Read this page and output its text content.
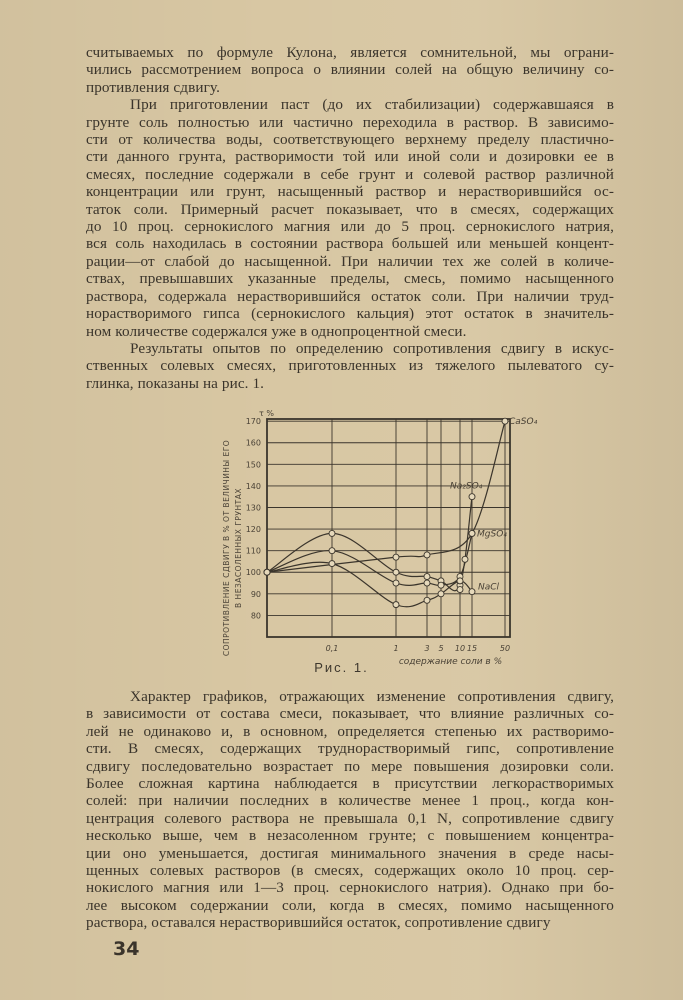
считываемых по формуле Кулона, является сомнительной, мы ограни-
чились рассмотрением вопроса о влиянии солей на общую величину со-
противления сдвигу.

При приготовлении паст (до их стабилизации) содержавшаяся в
грунте соль полностью или частично переходила в раствор. В зависимо-
сти от количества воды, соответствующего верхнему пределу пластично-
сти данного грунта, растворимости той или иной соли и дозировки ее в
смесях, последние содержали в себе грунт и солевой раствор различной
концентрации или грунт, насыщенный раствор и нерастворившийся ос-
таток соли. Примерный расчет показывает, что в смесях, содержащих
до 10 проц. сернокислого магния или до 5 проц. сернокислого натрия,
вся соль находилась в состоянии раствора большей или меньшей концент-
рации—от слабой до насыщенной. При наличии тех же солей в количе-
ствах, превышавших указанные пределы, смесь, помимо насыщенного
раствора, содержала нерастворившийся остаток соли. При наличии труд-
норастворимого гипса (сернокислого кальция) этот остаток в значитель-
ном количестве содержался уже в однопроцентной смеси.

Результаты опытов по определению сопротивления сдвигу в искус-
ственных солевых смесях, приготовленных из тяжелого пылеватого су-
глинка, показаны на рис. 1.

80
90
100
110
120
130
140
150
160
170
0,1	1	3 5 10 15	50
τ %
содержание соли в %
СОПРОТИВЛЕНИЕ СДВИГУ В % ОТ ВЕЛИЧИНЫ ЕГО В НЕЗАСОЛЕННЫХ ГРУНТАХ
CaSO₄
Na₂SO₄
MgSO₄
NaCl
Рис. 1.

Характер графиков, отражающих изменение сопротивления сдвигу,
в зависимости от состава смеси, показывает, что влияние различных со-
лей не одинаково и, в основном, определяется степенью их растворимо-
сти. В смесях, содержащих труднорастворимый гипс, сопротивление
сдвигу последовательно возрастает по мере повышения дозировки соли.
Более сложная картина наблюдается в присутствии легкорастворимых
солей: при наличии последних в количестве менее 1 проц., когда кон-
центрация солевого раствора не превышала 0,1 N, сопротивление сдвигу
несколько выше, чем в незасоленном грунте; с повышением концентра-
ции оно уменьшается, достигая минимального значения в среде насы-
щенных солевых растворов (в смесях, содержащих около 10 проц. сер-
нокислого магния или 1—3 проц. сернокислого натрия). Однако при бо-
лее высоком содержании соли, когда в смесях, помимо насыщенного
раствора, оставался нерастворившийся остаток, сопротивление сдвигу

34
